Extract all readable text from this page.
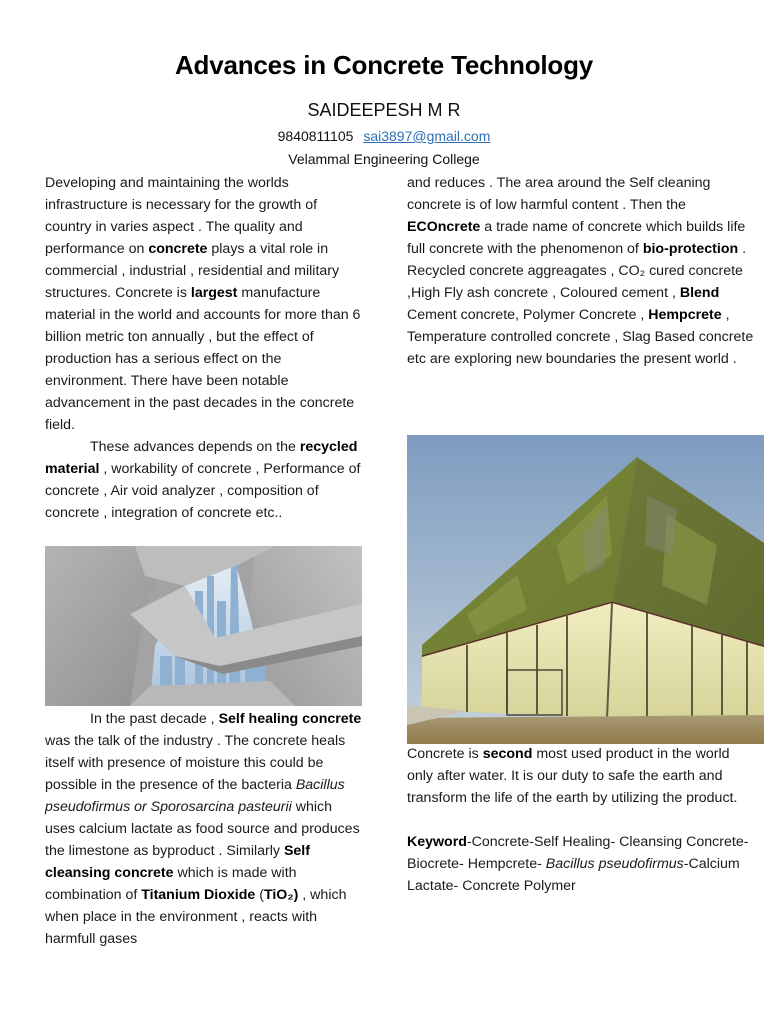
Advances in Concrete Technology
SAIDEEPESH M R
9840811105 sai3897@gmail.com
Velammal Engineering College

Developing and maintaining the worlds infrastructure is necessary for the growth of country in varies aspect . The quality and performance on concrete plays a vital role in commercial , industrial , residential and military structures. Concrete is largest manufacture material in the world and accounts for more than 6 billion metric ton annually , but the effect of production has a serious effect on the environment. There have been notable advancement in the past decades in the concrete field.

These advances depends on the recycled material , workability of concrete , Performance of concrete , Air void analyzer , composition of concrete , integration of concrete etc..

In the past decade , Self healing concrete was the talk of the industry . The concrete heals itself with presence of moisture this could be possible in the presence of the bacteria Bacillus pseudofirmus or Sporosarcina pasteurii which uses calcium lactate as food source and produces the limestone as byproduct . Similarly Self cleansing concrete which is made with combination of Titanium Dioxide (TiO₂) , which when place in the environment , reacts with harmfull gases

and reduces . The area around the Self cleaning concrete is of low harmful content . Then the ECOncrete a trade name of concrete which builds life full concrete with the phenomenon of bio-protection . Recycled concrete aggreagates , CO₂ cured concrete ,High Fly ash concrete , Coloured cement , Blend Cement concrete, Polymer Concrete , Hempcrete , Temperature controlled concrete , Slag Based concrete etc are exploring new boundaries the present world .

Concrete is second most used product in the world only after water. It is our duty to safe the earth and transform the life of the earth by utilizing the product.

Keyword-Concrete-Self Healing- Cleansing Concrete- Biocrete- Hempcrete- Bacillus pseudofirmus-Calcium Lactate- Concrete Polymer
